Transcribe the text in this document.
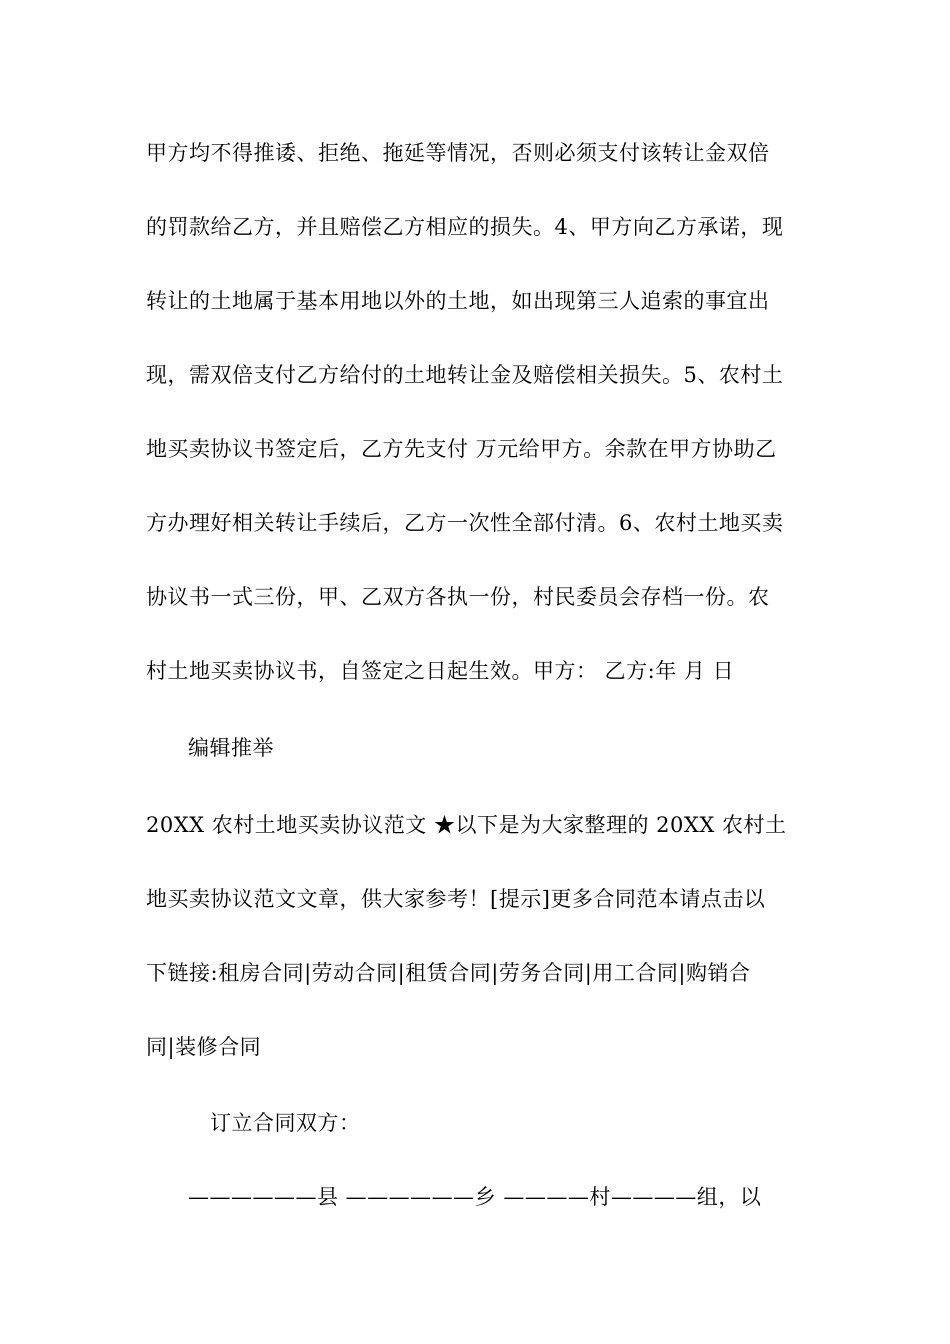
甲方均不得推诿、拒绝、拖延等情况，否则必须支付该转让金双倍
的罚款给乙方，并且赔偿乙方相应的损失。4、甲方向乙方承诺，现
转让的土地属于基本用地以外的土地，如出现第三人追索的事宜出
现，需双倍支付乙方给付的土地转让金及赔偿相关损失。5、农村土
地买卖协议书签定后，乙方先支付 万元给甲方。余款在甲方协助乙
方办理好相关转让手续后，乙方一次性全部付清。6、农村土地买卖
协议书一式三份，甲、乙双方各执一份，村民委员会存档一份。农
村土地买卖协议书，自签定之日起生效。甲方： 乙方:年 月 日
编辑推举
20XX 农村土地买卖协议范文 ★以下是为大家整理的 20XX 农村土
地买卖协议范文文章，供大家参考！[提示]更多合同范本请点击以
下链接:租房合同|劳动合同|租赁合同|劳务合同|用工合同|购销合
同|装修合同
订立合同双方：
——————县 ——————乡 ————村————组，以
